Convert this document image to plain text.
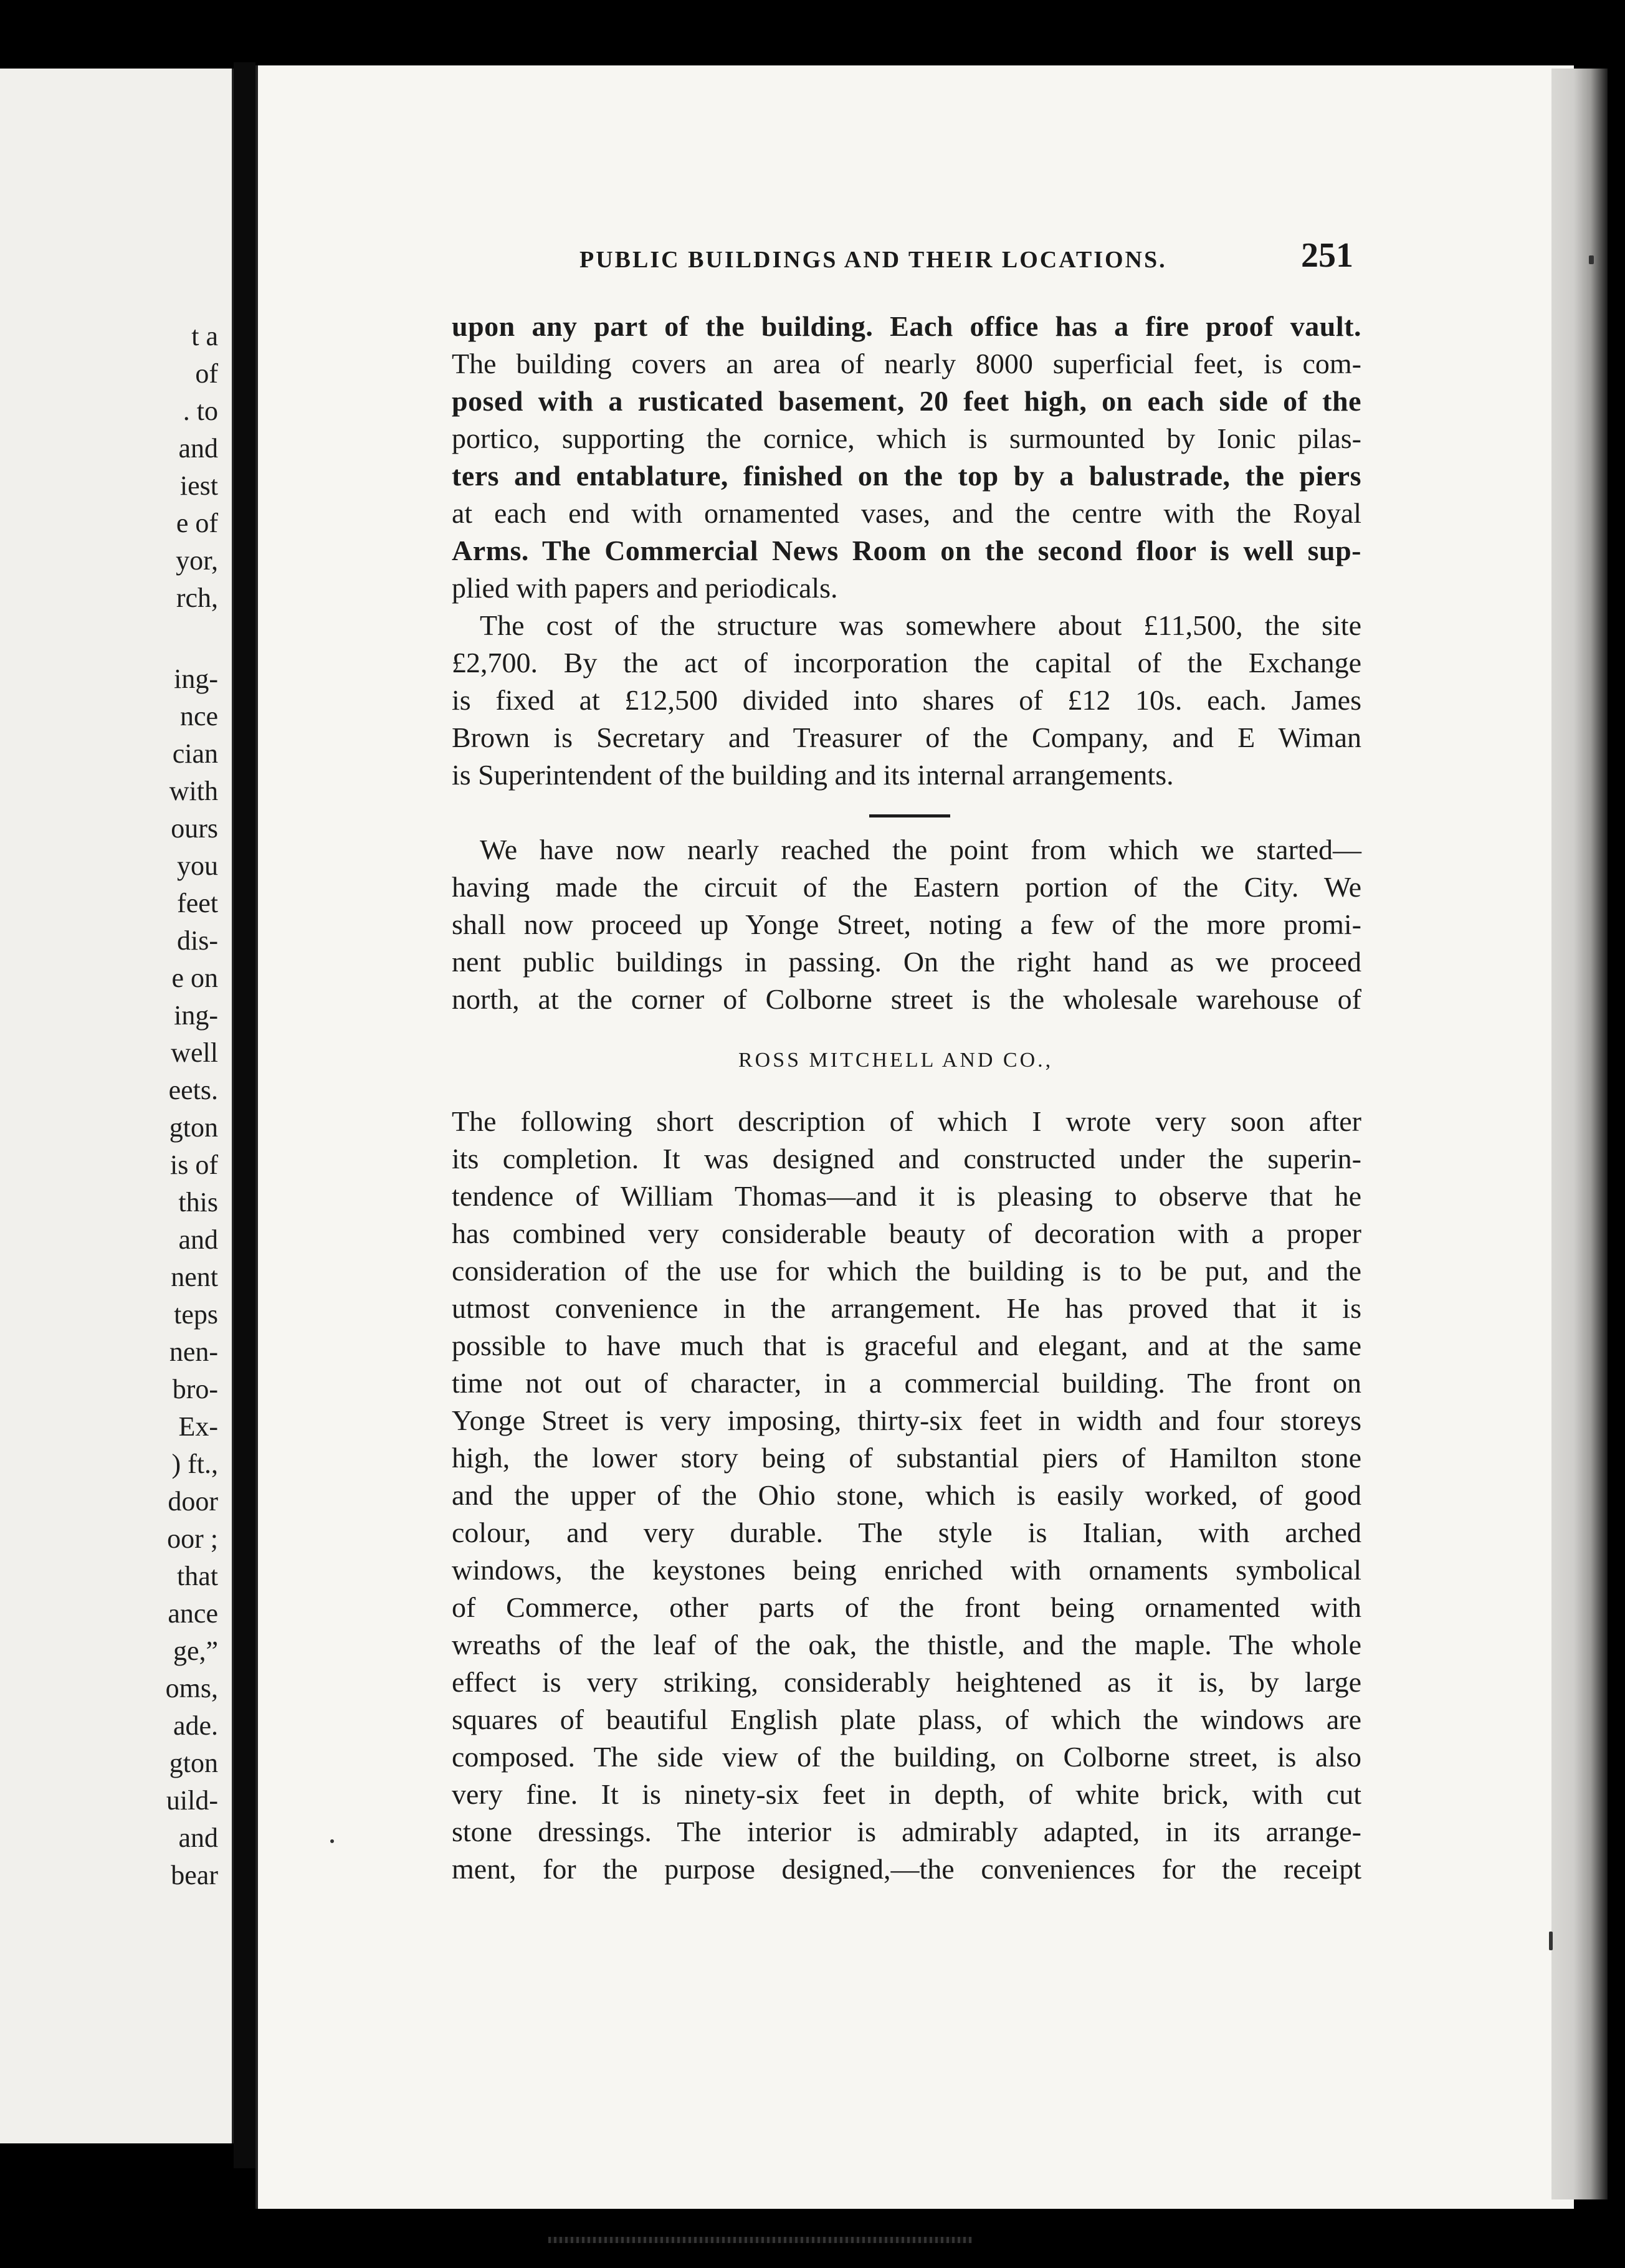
t a
of
. to
and
iest
e of
yor,
rch,
ing-
nce
cian
with
ours
you
feet
dis-
e on
ing-
well
eets.
gton
is of
this
and
nent
teps
nen-
bro-
Ex-
) ft.,
door
oor ;
that
ance
ge,”
oms,
ade.
gton
uild-
and
bear
PUBLIC BUILDINGS AND THEIR LOCATIONS.	251
upon any part of the building. Each office has a fire proof vault.
The building covers an area of nearly 8000 superficial feet, is com-
posed with a rusticated basement, 20 feet high, on each side of the
portico, supporting the cornice, which is surmounted by Ionic pilas-
ters and entablature, finished on the top by a balustrade, the piers
at each end with ornamented vases, and the centre with the Royal
Arms. The Commercial News Room on the second floor is well sup-
plied with papers and periodicals.
The cost of the structure was somewhere about £11,500, the site
£2,700. By the act of incorporation the capital of the Exchange
is fixed at £12,500 divided into shares of £12 10s. each. James
Brown is Secretary and Treasurer of the Company, and E Wiman
is Superintendent of the building and its internal arrangements.
We have now nearly reached the point from which we started—
having made the circuit of the Eastern portion of the City. We
shall now proceed up Yonge Street, noting a few of the more promi-
nent public buildings in passing. On the right hand as we proceed
north, at the corner of Colborne street is the wholesale warehouse of
ROSS MITCHELL AND CO.,
The following short description of which I wrote very soon after
its completion. It was designed and constructed under the superin-
tendence of William Thomas—and it is pleasing to observe that he
has combined very considerable beauty of decoration with a proper
consideration of the use for which the building is to be put, and the
utmost convenience in the arrangement. He has proved that it is
possible to have much that is graceful and elegant, and at the same
time not out of character, in a commercial building. The front on
Yonge Street is very imposing, thirty-six feet in width and four storeys
high, the lower story being of substantial piers of Hamilton stone
and the upper of the Ohio stone, which is easily worked, of good
colour, and very durable. The style is Italian, with arched
windows, the keystones being enriched with ornaments symbolical
of Commerce, other parts of the front being ornamented with
wreaths of the leaf of the oak, the thistle, and the maple. The whole
effect is very striking, considerably heightened as it is, by large
squares of beautiful English plate plass, of which the windows are
composed. The side view of the building, on Colborne street, is also
very fine. It is ninety-six feet in depth, of white brick, with cut
stone dressings. The interior is admirably adapted, in its arrange-
ment, for the purpose designed,—the conveniences for the receipt
